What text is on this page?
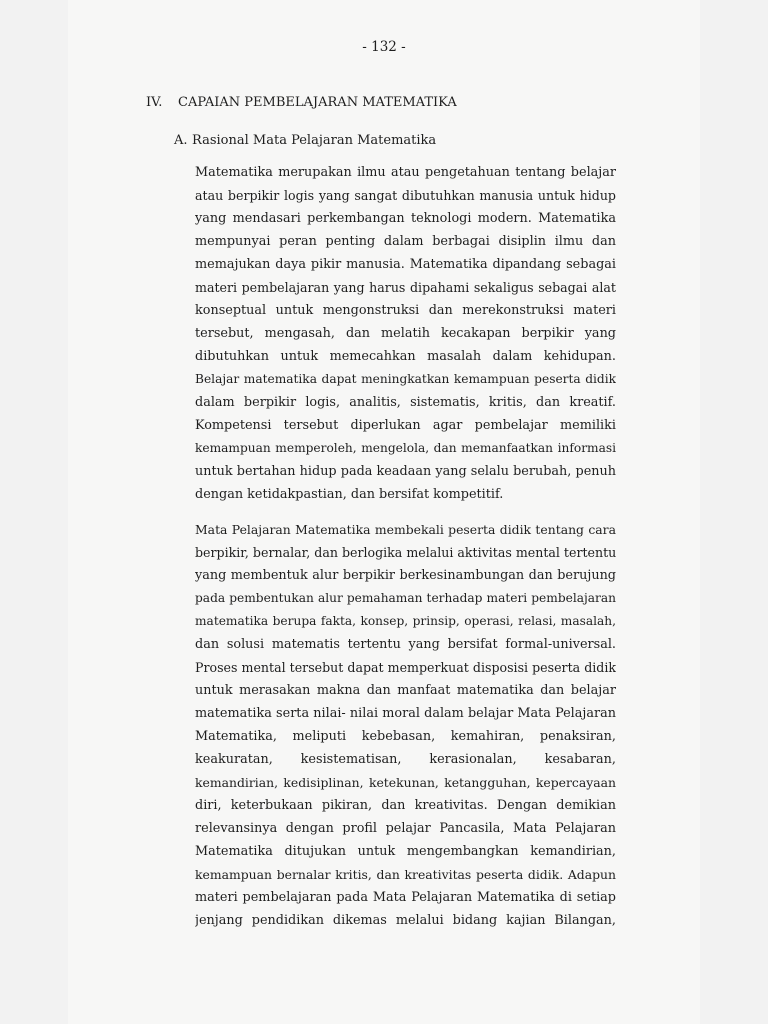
- 132 -
IV. CAPAIAN PEMBELAJARAN MATEMATIKA
A. Rasional Mata Pelajaran Matematika
Matematika merupakan ilmu atau pengetahuan tentang belajar
atau berpikir logis yang sangat dibutuhkan manusia untuk hidup
yang mendasari perkembangan teknologi modern. Matematika
mempunyai peran penting dalam berbagai disiplin ilmu dan
memajukan daya pikir manusia. Matematika dipandang sebagai
materi pembelajaran yang harus dipahami sekaligus sebagai alat
konseptual untuk mengonstruksi dan merekonstruksi materi
tersebut, mengasah, dan melatih kecakapan berpikir yang
dibutuhkan untuk memecahkan masalah dalam kehidupan.
Belajar matematika dapat meningkatkan kemampuan peserta didik
dalam berpikir logis, analitis, sistematis, kritis, dan kreatif.
Kompetensi tersebut diperlukan agar pembelajar memiliki
kemampuan memperoleh, mengelola, dan memanfaatkan informasi
untuk bertahan hidup pada keadaan yang selalu berubah, penuh
dengan ketidakpastian, dan bersifat kompetitif.
Mata Pelajaran Matematika membekali peserta didik tentang cara
berpikir, bernalar, dan berlogika melalui aktivitas mental tertentu
yang membentuk alur berpikir berkesinambungan dan berujung
pada pembentukan alur pemahaman terhadap materi pembelajaran
matematika berupa fakta, konsep, prinsip, operasi, relasi, masalah,
dan solusi matematis tertentu yang bersifat formal-universal.
Proses mental tersebut dapat memperkuat disposisi peserta didik
untuk merasakan makna dan manfaat matematika dan belajar
matematika serta nilai- nilai moral dalam belajar Mata Pelajaran
Matematika, meliputi kebebasan, kemahiran, penaksiran,
keakuratan, kesistematisan, kerasionalan, kesabaran,
kemandirian, kedisiplinan, ketekunan, ketangguhan, kepercayaan
diri, keterbukaan pikiran, dan kreativitas. Dengan demikian
relevansinya dengan profil pelajar Pancasila, Mata Pelajaran
Matematika ditujukan untuk mengembangkan kemandirian,
kemampuan bernalar kritis, dan kreativitas peserta didik. Adapun
materi pembelajaran pada Mata Pelajaran Matematika di setiap
jenjang pendidikan dikemas melalui bidang kajian Bilangan,
